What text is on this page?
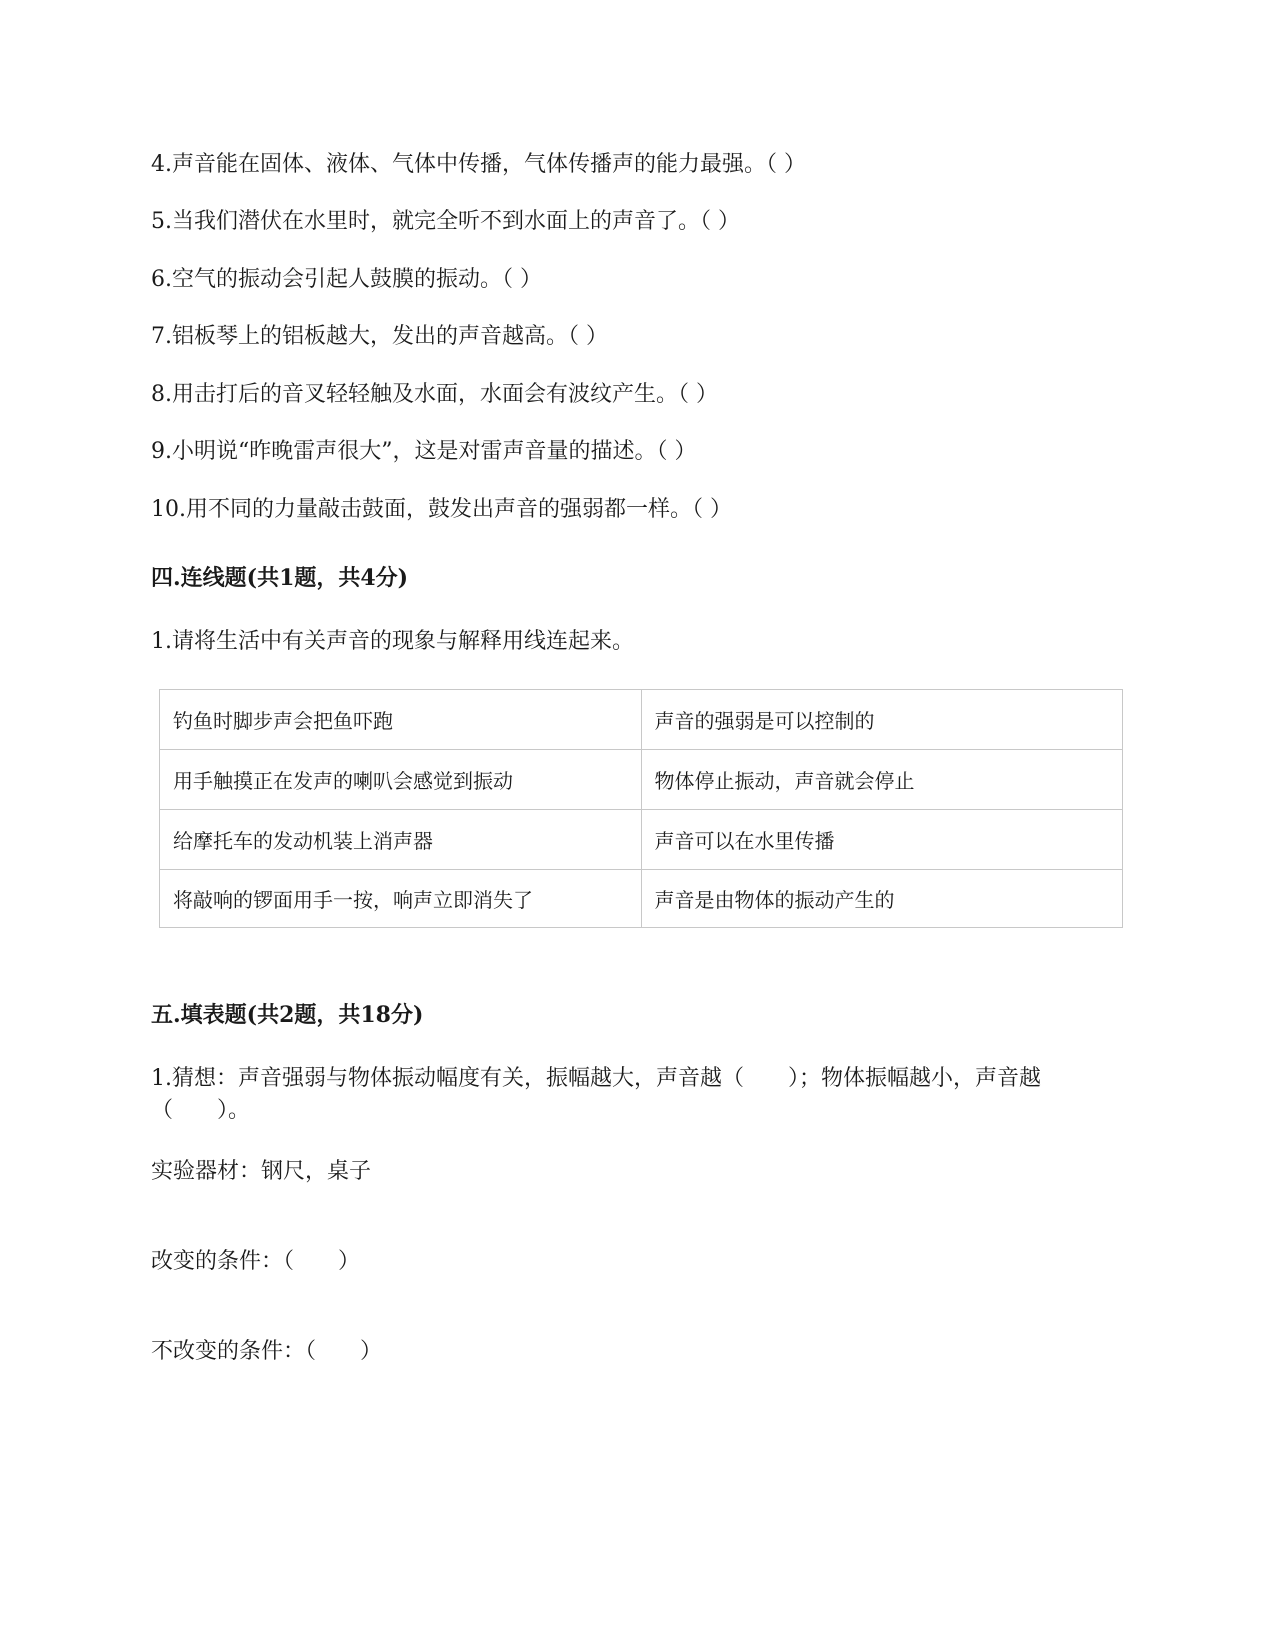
4.声音能在固体、液体、气体中传播，气体传播声的能力最强。（ ）
5.当我们潜伏在水里时，就完全听不到水面上的声音了。（ ）
6.空气的振动会引起人鼓膜的振动。（ ）
7.铝板琴上的铝板越大，发出的声音越高。（ ）
8.用击打后的音叉轻轻触及水面，水面会有波纹产生。（ ）
9.小明说“昨晚雷声很大”，这是对雷声音量的描述。（ ）
10.用不同的力量敲击鼓面，鼓发出声音的强弱都一样。（ ）
四.连线题(共1题，共4分)
1.请将生活中有关声音的现象与解释用线连起来。
钓鱼时脚步声会把鱼吓跑	声音的强弱是可以控制的
用手触摸正在发声的喇叭会感觉到振动	物体停止振动，声音就会停止
给摩托车的发动机装上消声器	声音可以在水里传播
将敲响的锣面用手一按，响声立即消失了	声音是由物体的振动产生的
五.填表题(共2题，共18分)
1.猜想：声音强弱与物体振动幅度有关，振幅越大，声音越（　　）；物体振幅越小，声音越（　　）。
实验器材：钢尺，桌子
改变的条件：（　　）
不改变的条件：（　　）
